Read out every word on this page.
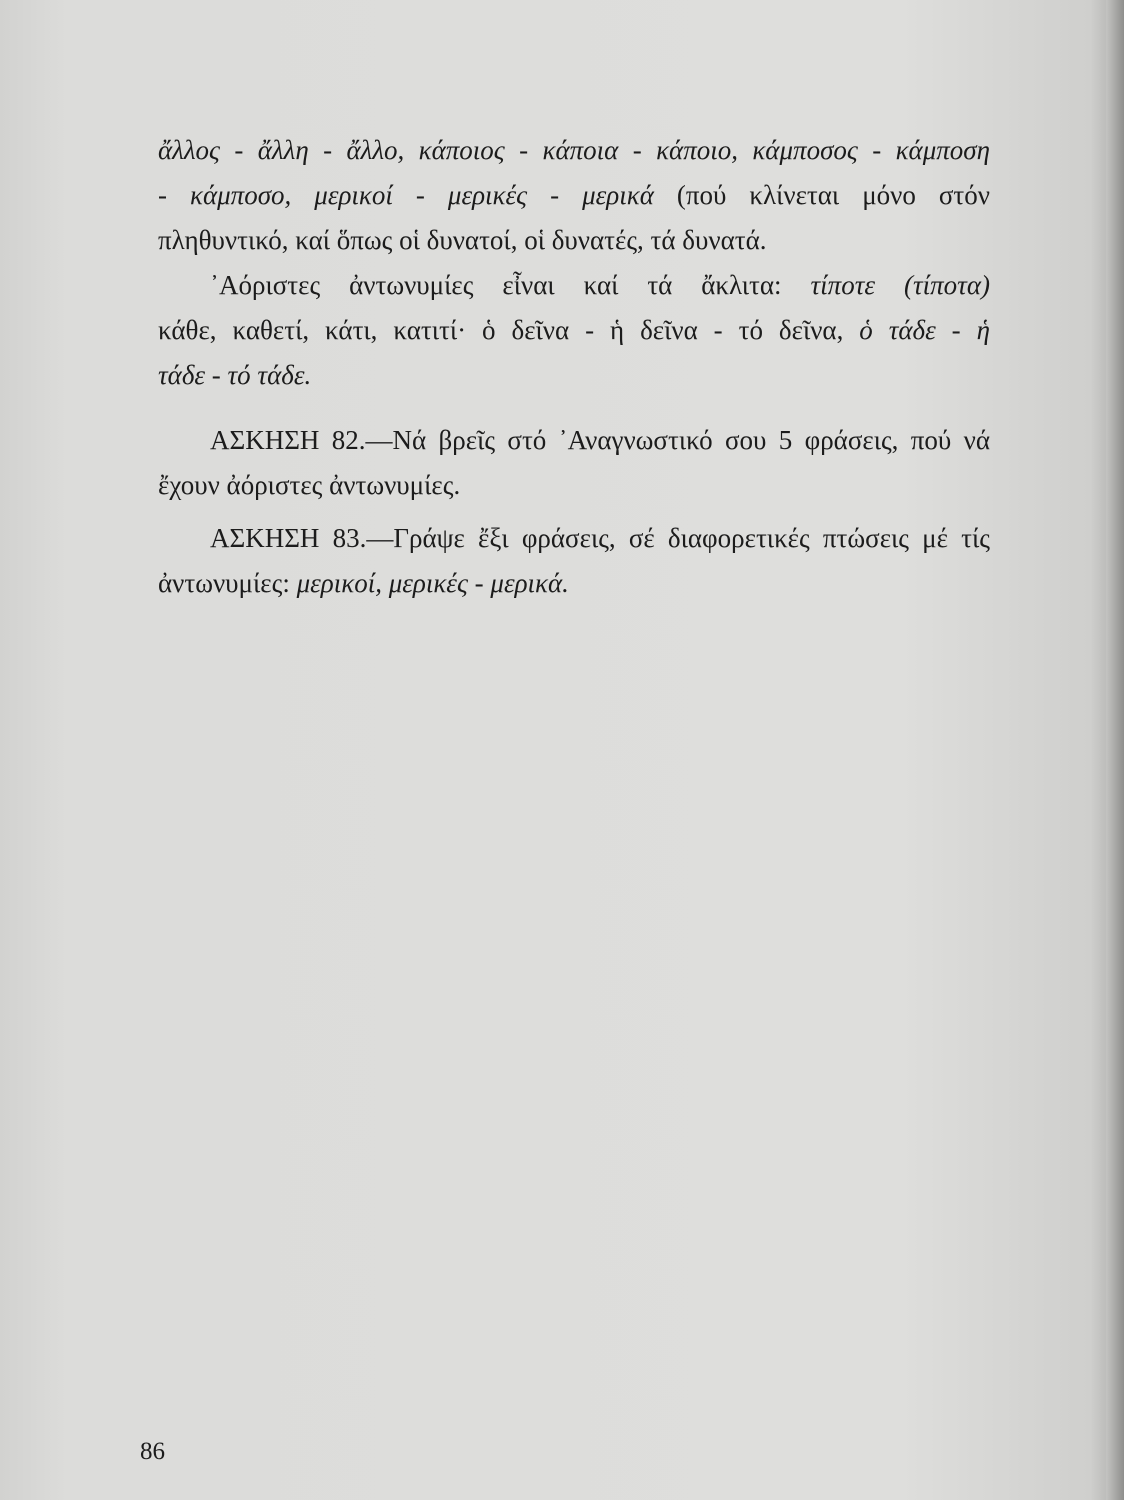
ἄλλος - ἄλλη - ἄλλο, κάποιος - κάποια - κάποιο, κάμποσος - κάμποση
- κάμποσο, μερικοί - μερικές - μερικά (πού κλίνεται μόνο στόν
πληθυντικό, καί ὅπως οἱ δυνατοί, οἱ δυνατές, τά δυνατά.
᾽Αόριστες ἀντωνυμίες εἶναι καί τά ἄκλιτα: τίποτε (τίποτα)
κάθε, καθετί, κάτι, κατιτί· ὁ δεῖνα - ἡ δεῖνα - τό δεῖνα, ὁ τάδε - ἡ
τάδε - τό τάδε.
ΑΣΚΗΣΗ 82.—Νά βρεῖς στό ᾽Αναγνωστικό σου 5 φράσεις, πού νά
ἔχουν ἀόριστες ἀντωνυμίες.
ΑΣΚΗΣΗ 83.—Γράψε ἔξι φράσεις, σέ διαφορετικές πτώσεις μέ τίς
ἀντωνυμίες: μερικοί, μερικές - μερικά.
86
